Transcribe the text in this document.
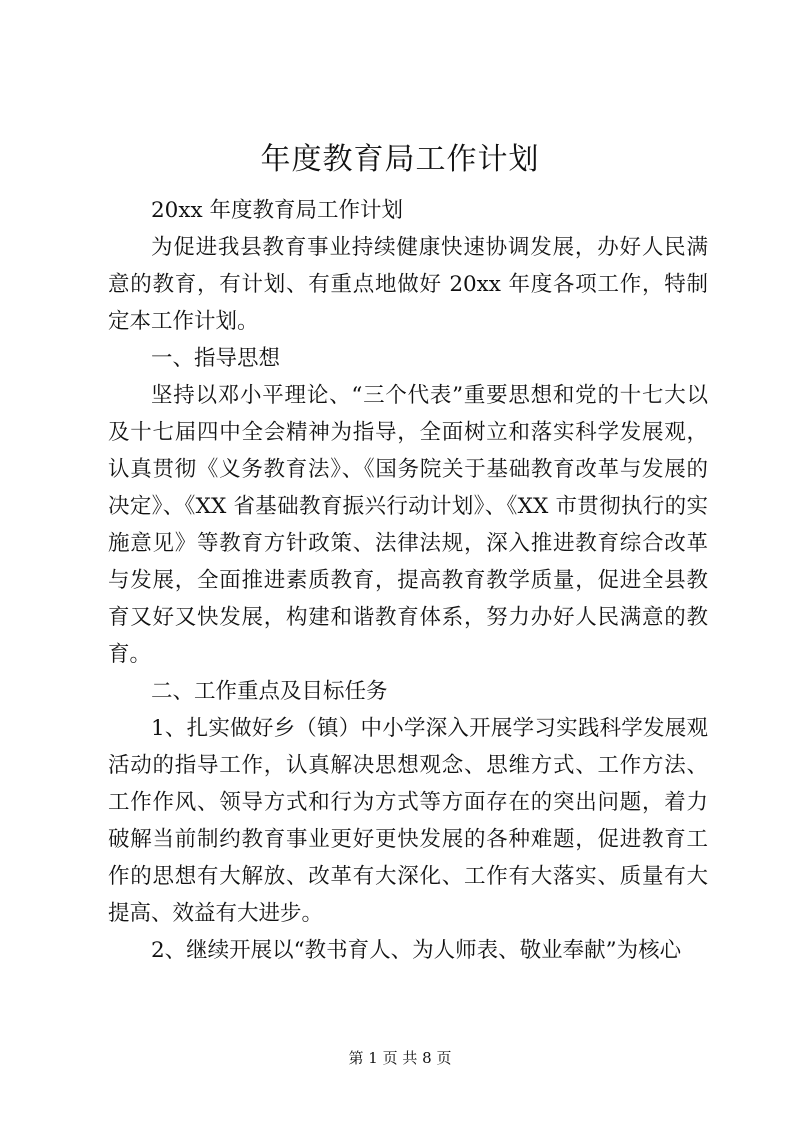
年度教育局工作计划

20xx 年度教育局工作计划

为促进我县教育事业持续健康快速协调发展，办好人民满意的教育，有计划、有重点地做好 20xx 年度各项工作，特制定本工作计划。

一、指导思想

坚持以邓小平理论、“三个代表”重要思想和党的十七大以及十七届四中全会精神为指导，全面树立和落实科学发展观，认真贯彻《义务教育法》、《国务院关于基础教育改革与发展的决定》、《XX 省基础教育振兴行动计划》、《XX 市贯彻执行的实施意见》等教育方针政策、法律法规，深入推进教育综合改革与发展，全面推进素质教育，提高教育教学质量，促进全县教育又好又快发展，构建和谐教育体系，努力办好人民满意的教育。

二、工作重点及目标任务

1、扎实做好乡（镇）中小学深入开展学习实践科学发展观活动的指导工作，认真解决思想观念、思维方式、工作方法、工作作风、领导方式和行为方式等方面存在的突出问题，着力破解当前制约教育事业更好更快发展的各种难题，促进教育工作的思想有大解放、改革有大深化、工作有大落实、质量有大提高、效益有大进步。

2、继续开展以“教书育人、为人师表、敬业奉献”为核心

第 1 页 共 8 页
